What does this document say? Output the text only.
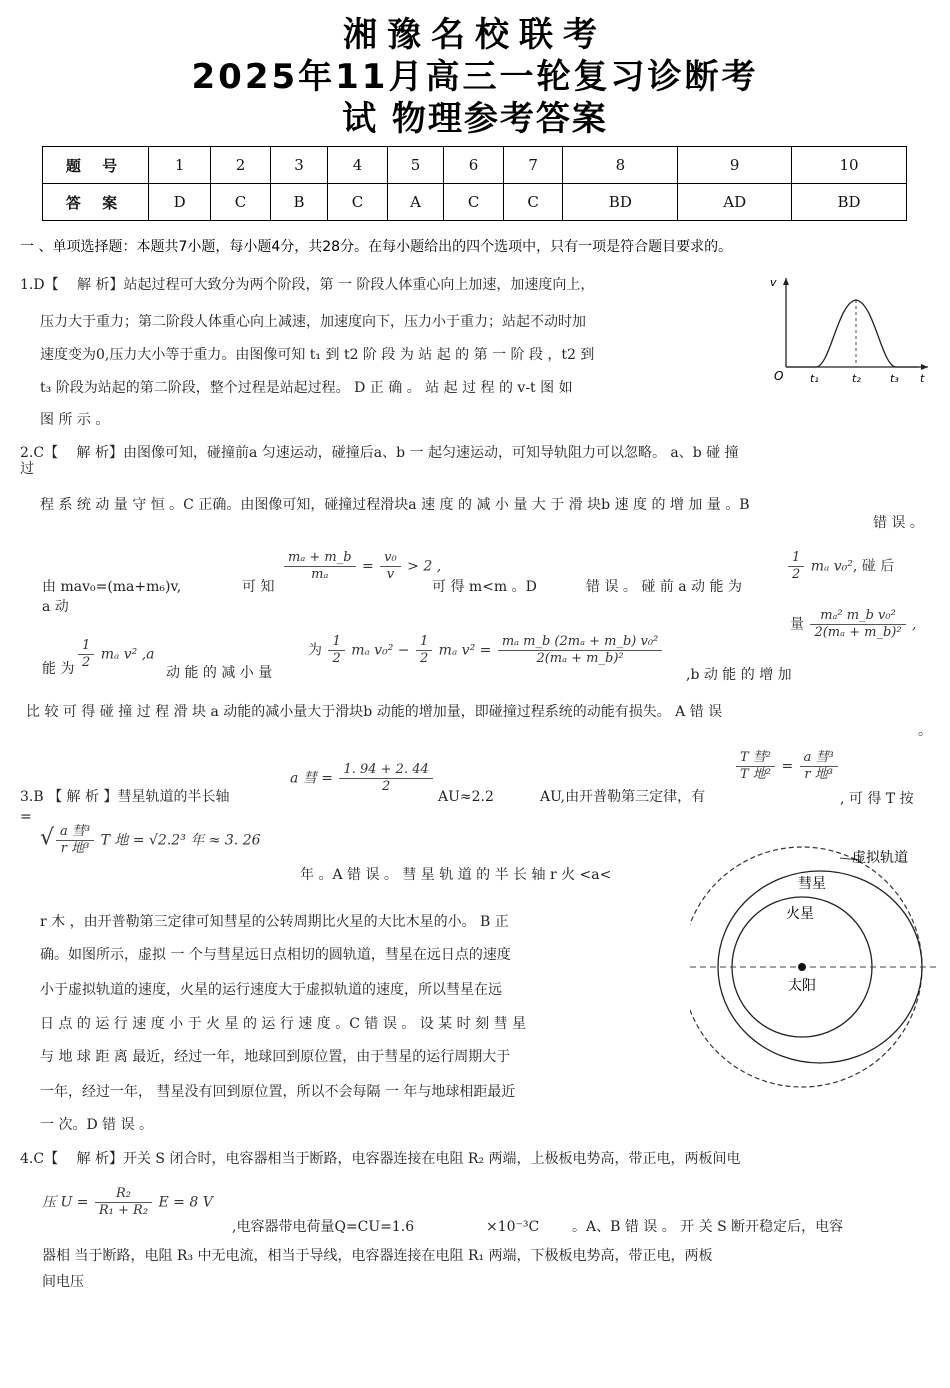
湘豫名校联考
2025年11月高三一轮复习诊断考
试 物理参考答案
题 号	1	2	3	4	5	6	7	8	9	10
答 案	D	C	B	C	A	C	C	BD	AD	BD
一 、单项选择题：本题共7小题，每小题4分，共28分。在每小题给出的四个选项中，只有一项是符合题目要求的。
1.D【　 解 析】站起过程可大致分为两个阶段，第 一 阶段人体重心向上加速，加速度向上，
压力大于重力；第二阶段人体重心向上减速，加速度向下，压力小于重力；站起不动时加
速度变为0,压力大小等于重力。由图像可知 t₁ 到 t2 阶 段 为 站 起 的 第 一 阶 段 ，t2 到
t₃ 阶段为站起的第二阶段，整个过程是站起过程。 D 正 确 。 站 起 过 程 的 v-t 图 如
图 所 示 。
O t₁	t₂	t₃ t
v
2.C【　 解 析】由图像可知，碰撞前a 匀速运动，碰撞后a、b 一 起匀速运动，可知导轨阻力可以忽略。 a、b 碰 撞
过
程 系 统 动 量 守 恒 。C 正确。由图像可知，碰撞过程滑块a 速 度 的 减 小 量 大 于 滑 块b 速 度 的 增 加 量 。B
错 误 。
由 mav₀=(ma+m₆)v,	可 知
$\frac{\text{mₐ + m\_b}}{\text{mₐ}} = \frac{\text{v₀}}{v} > 2$ ,
可 得 m<m 。D	错 误 。 碰 前 a 动 能 为
$\frac{1}{2}$ mₐ v₀², 碰 后
a 动
能 为 $\frac{1}{2}$ mₐ v² ,a
动 能 的 减 小 量
为 $\frac{1}{2}$ mₐ $v_0^2 - \frac{1}{2}$ mₐ $v^2 = \frac{\text{mₐ m\_b (2mₐ + m\_b) v₀²}}{\text{2(mₐ + m\_b)²}}$
,b 动 能 的 增 加
量 $\frac{\text{mₐ² m\_b v₀²}}{\text{2(mₐ + m\_b)²}}$ ,
比 较 可 得 碰 撞 过 程 滑 块 a 动能的减小量大于滑块b 动能的增加量，即碰撞过程系统的动能有损失。 A 错 误
。
3.B 【 解 析 】彗星轨道的半长轴
a 彗 = $\frac{1. 94 + 2. 44}{2}$
AU≈2.2	AU,由开普勒第三定律，有
$\frac{\text{T 彗²}}{\text{T 地²}} = \frac{\text{a 彗³}}{\text{r 地³}}$
, 可 得 T 按
=
√ $\frac{\text{a 彗³}}{\text{r 地³}}$ T 地 = √2.2³ 年 ≈ 3. 26
年 。A 错 误 。 彗 星 轨 道 的 半 长 轴 r 火 <a<
r 木 ，由开普勒第三定律可知彗星的公转周期比火星的大比木星的小。 B 正
确。如图所示，虚拟 一 个与彗星远日点相切的圆轨道，彗星在远日点的速度
小于虚拟轨道的速度，火星的运行速度大于虚拟轨道的速度，所以彗星在远
日 点 的 运 行 速 度 小 于 火 星 的 运 行 速 度 。C 错 误 。 设 某 时 刻 彗 星
与 地 球 距 离 最近，经过一年，地球回到原位置，由于彗星的运行周期大于
一年，经过一年， 彗星没有回到原位置，所以不会每隔 一 年与地球相距最近
一 次。D 错 误 。
虚拟轨道
彗星
火星
太阳
4.C【　 解 析】开关 S 闭合时，电容器相当于断路，电容器连接在电阻 R₂ 两端，上极板电势高，带正电，两板间电
压 $U = \frac{\text{R₂}}{\text{R₁ + R₂}}$ E = 8 V
,电容器带电荷量Q=CU=1.6	×10⁻³C 。A、B 错 误 。 开 关 S 断开稳定后，电容
器相 当于断路，电阻 R₃ 中无电流，相当于导线，电容器连接在电阻 R₁ 两端，下极板电势高，带正电，两板
间电压
